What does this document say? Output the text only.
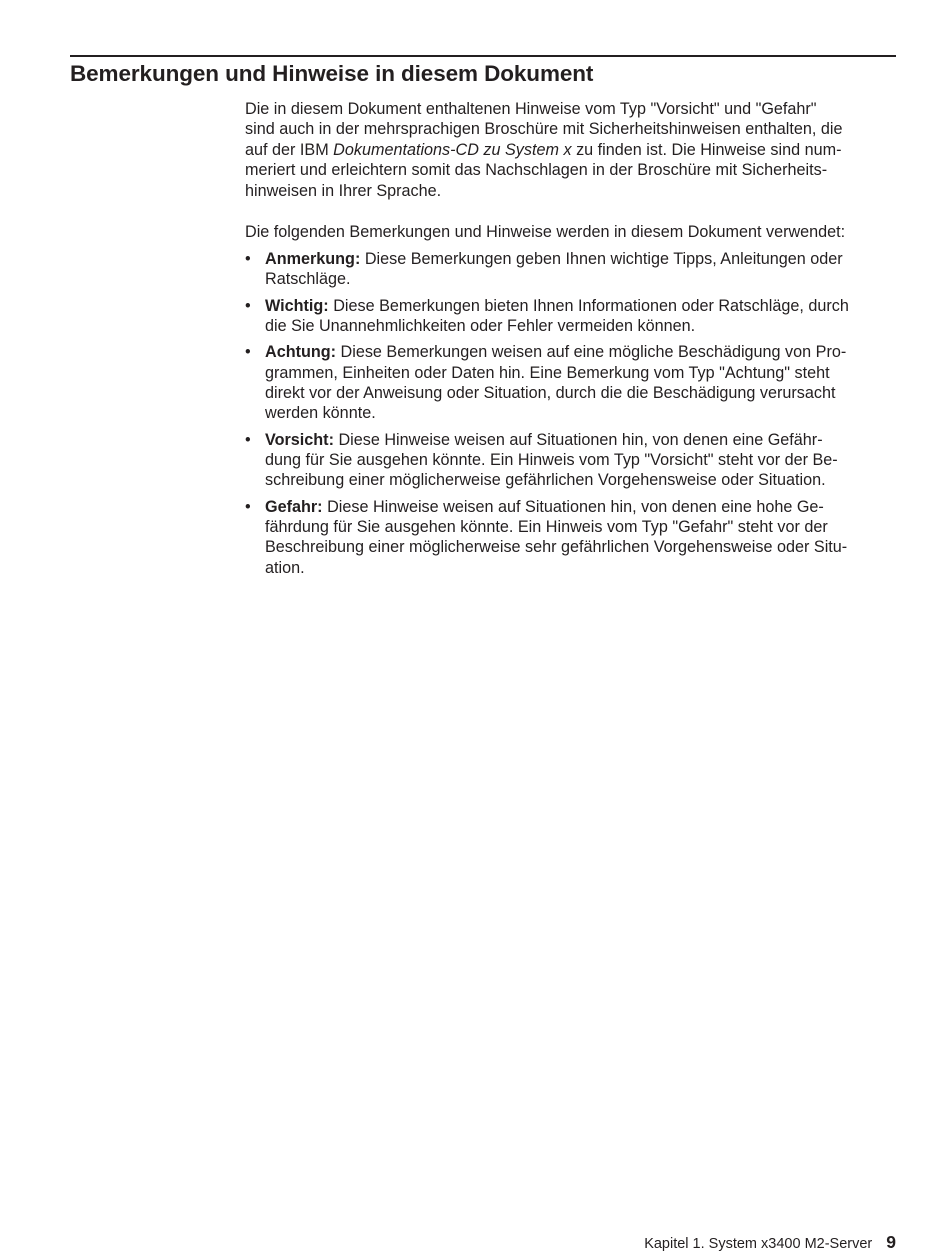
Bemerkungen und Hinweise in diesem Dokument

Die in diesem Dokument enthaltenen Hinweise vom Typ "Vorsicht" und "Gefahr"
sind auch in der mehrsprachigen Broschüre mit Sicherheitshinweisen enthalten, die
auf der IBM Dokumentations-CD zu System x zu finden ist. Die Hinweise sind num-
meriert und erleichtern somit das Nachschlagen in der Broschüre mit Sicherheits-
hinweisen in Ihrer Sprache.

Die folgenden Bemerkungen und Hinweise werden in diesem Dokument verwendet:

• Anmerkung: Diese Bemerkungen geben Ihnen wichtige Tipps, Anleitungen oder
Ratschläge.
• Wichtig: Diese Bemerkungen bieten Ihnen Informationen oder Ratschläge, durch
die Sie Unannehmlichkeiten oder Fehler vermeiden können.
• Achtung: Diese Bemerkungen weisen auf eine mögliche Beschädigung von Pro-
grammen, Einheiten oder Daten hin. Eine Bemerkung vom Typ "Achtung" steht
direkt vor der Anweisung oder Situation, durch die die Beschädigung verursacht
werden könnte.
• Vorsicht: Diese Hinweise weisen auf Situationen hin, von denen eine Gefähr-
dung für Sie ausgehen könnte. Ein Hinweis vom Typ "Vorsicht" steht vor der Be-
schreibung einer möglicherweise gefährlichen Vorgehensweise oder Situation.
• Gefahr: Diese Hinweise weisen auf Situationen hin, von denen eine hohe Ge-
fährdung für Sie ausgehen könnte. Ein Hinweis vom Typ "Gefahr" steht vor der
Beschreibung einer möglicherweise sehr gefährlichen Vorgehensweise oder Situ-
ation.
Kapitel 1. System x3400 M2-Server 9
